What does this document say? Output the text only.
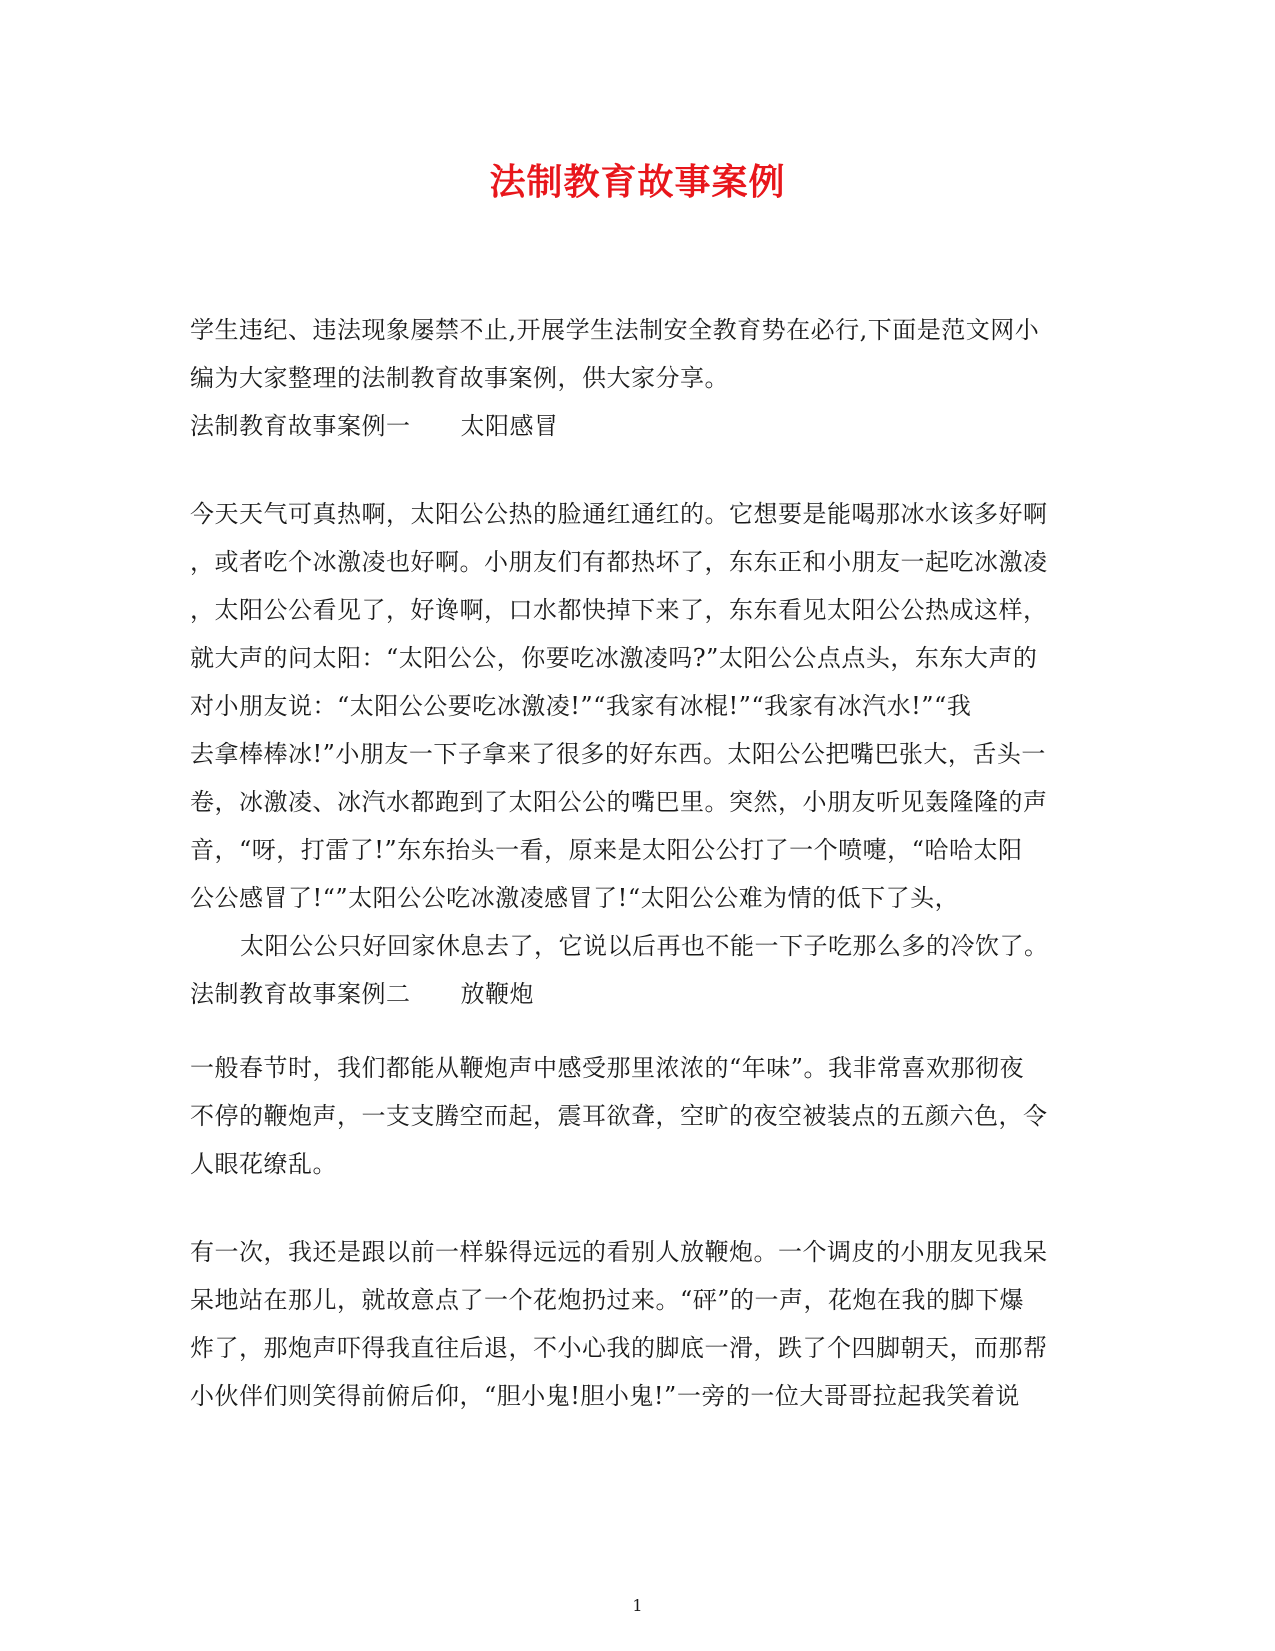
法制教育故事案例
学生违纪、违法现象屡禁不止,开展学生法制安全教育势在必行,下面是范文网小
编为大家整理的法制教育故事案例，供大家分享。
法制教育故事案例一 太阳感冒
今天天气可真热啊，太阳公公热的脸通红通红的。它想要是能喝那冰水该多好啊
，或者吃个冰激凌也好啊。小朋友们有都热坏了，东东正和小朋友一起吃冰激凌
，太阳公公看见了，好谗啊，口水都快掉下来了，东东看见太阳公公热成这样，
就大声的问太阳：“太阳公公，你要吃冰激凌吗?”太阳公公点点头，东东大声的
对小朋友说：“太阳公公要吃冰激凌!”“我家有冰棍!”“我家有冰汽水!”“我
去拿棒棒冰!”小朋友一下子拿来了很多的好东西。太阳公公把嘴巴张大，舌头一
卷，冰激凌、冰汽水都跑到了太阳公公的嘴巴里。突然，小朋友听见轰隆隆的声
音，“呀，打雷了!”东东抬头一看，原来是太阳公公打了一个喷嚏，“哈哈太阳
公公感冒了!“”太阳公公吃冰激凌感冒了!“太阳公公难为情的低下了头，
太阳公公只好回家休息去了，它说以后再也不能一下子吃那么多的冷饮了。
法制教育故事案例二 放鞭炮
一般春节时，我们都能从鞭炮声中感受那里浓浓的“年味”。我非常喜欢那彻夜
不停的鞭炮声，一支支腾空而起，震耳欲聋，空旷的夜空被装点的五颜六色，令
人眼花缭乱。
有一次，我还是跟以前一样躲得远远的看别人放鞭炮。一个调皮的小朋友见我呆
呆地站在那儿，就故意点了一个花炮扔过来。“砰”的一声，花炮在我的脚下爆
炸了，那炮声吓得我直往后退，不小心我的脚底一滑，跌了个四脚朝天，而那帮
小伙伴们则笑得前俯后仰，“胆小鬼!胆小鬼!”一旁的一位大哥哥拉起我笑着说
1
